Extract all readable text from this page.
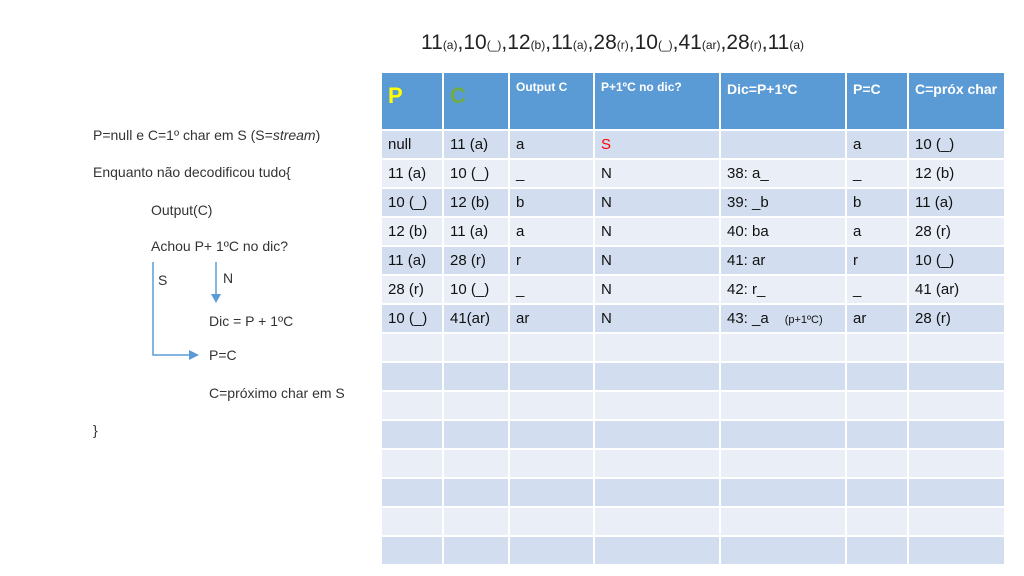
11(a),10(_),12(b),11(a),28(r),10(_),41(ar),28(r),11(a)
P=null e C=1º char em S (S=stream)
Enquanto não decodificou tudo{
Output(C)
Achou P+ 1ºC no dic?
S	N
Dic = P + 1ºC
P=C
C=próximo char em S
}
P	C	Output C	P+1ºC no dic?	Dic=P+1ºC	P=C	C=próx char
null	11 (a)	a	S		a	10 (_)
11 (a)	10 (_)	_	N	38: a_	_	12 (b)
10 (_)	12 (b)	b	N	39: _b	b	11 (a)
12 (b)	11 (a)	a	N	40: ba	a	28 (r)
11 (a)	28 (r)	r	N	41: ar	r	10 (_)
28 (r)	10 (_)	_	N	42: r_	_	41 (ar)
10 (_)	41(ar)	ar	N	43: _a (p+1ºC)	ar	28 (r)
